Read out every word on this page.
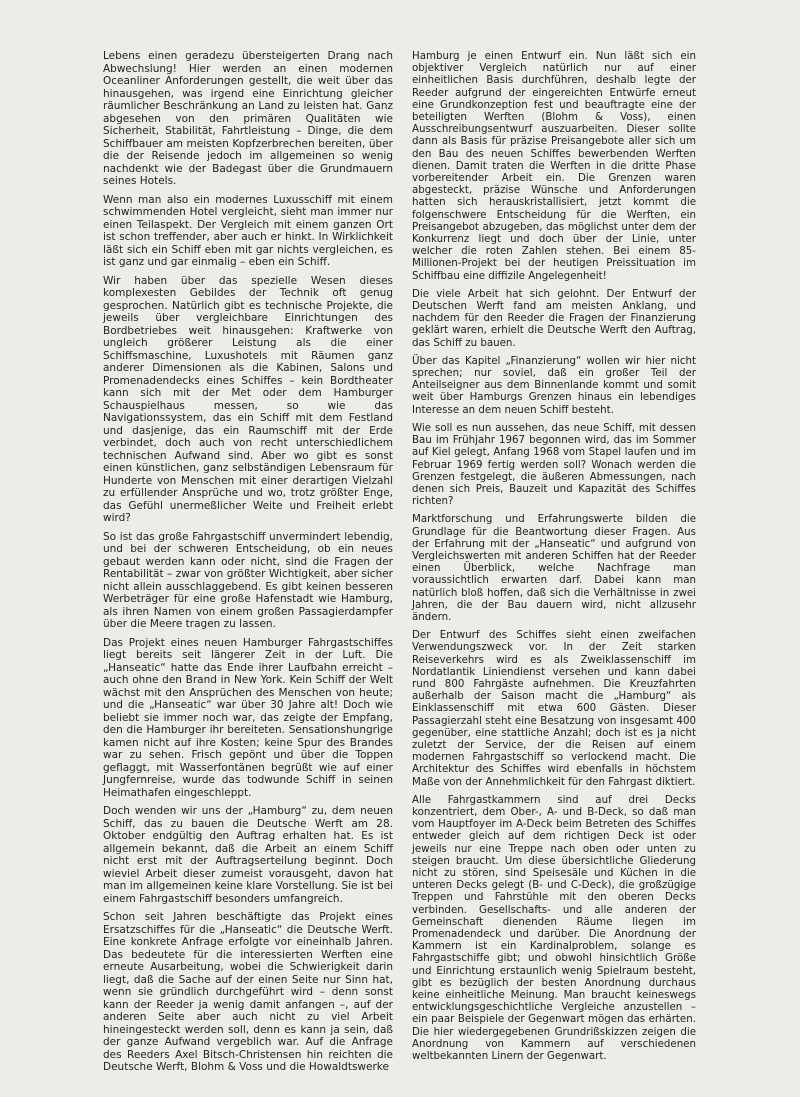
Lebens einen geradezu übersteigerten Drang nach Abwechslung! Hier werden an einen modernen Oceanliner Anforderungen gestellt, die weit über das hinausgehen, was irgend eine Einrichtung gleicher räumlicher Beschränkung an Land zu leisten hat. Ganz abgesehen von den primären Qualitäten wie Sicherheit, Stabilität, Fahrtleistung – Dinge, die dem Schiffbauer am meisten Kopfzerbrechen bereiten, über die der Reisende jedoch im allgemeinen so wenig nachdenkt wie der Badegast über die Grundmauern seines Hotels.

Wenn man also ein modernes Luxusschiff mit einem schwimmenden Hotel vergleicht, sieht man immer nur einen Teilaspekt. Der Vergleich mit einem ganzen Ort ist schon treffender, aber auch er hinkt. In Wirklichkeit läßt sich ein Schiff eben mit gar nichts vergleichen, es ist ganz und gar einmalig – eben ein Schiff.

Wir haben über das spezielle Wesen dieses komplexesten Gebildes der Technik oft genug gesprochen. Natürlich gibt es technische Projekte, die jeweils über vergleichbare Einrichtungen des Bordbetriebes weit hinausgehen: Kraftwerke von ungleich größerer Leistung als die einer Schiffsmaschine, Luxushotels mit Räumen ganz anderer Dimensionen als die Kabinen, Salons und Promenadendecks eines Schiffes – kein Bordtheater kann sich mit der Met oder dem Hamburger Schauspielhaus messen, so wie das Navigationssystem, das ein Schiff mit dem Festland und dasjenige, das ein Raumschiff mit der Erde verbindet, doch auch von recht unterschiedlichem technischen Aufwand sind. Aber wo gibt es sonst einen künstlichen, ganz selbständigen Lebensraum für Hunderte von Menschen mit einer derartigen Vielzahl zu erfüllender Ansprüche und wo, trotz größter Enge, das Gefühl unermeßlicher Weite und Freiheit erlebt wird?

So ist das große Fahrgastschiff unvermindert lebendig, und bei der schweren Entscheidung, ob ein neues gebaut werden kann oder nicht, sind die Fragen der Rentabilität – zwar von größter Wichtigkeit, aber sicher nicht allein ausschlaggebend. Es gibt keinen besseren Werbeträger für eine große Hafenstadt wie Hamburg, als ihren Namen von einem großen Passagierdampfer über die Meere tragen zu lassen.

Das Projekt eines neuen Hamburger Fahrgastschiffes liegt bereits seit längerer Zeit in der Luft. Die „Hanseatic“ hatte das Ende ihrer Laufbahn erreicht – auch ohne den Brand in New York. Kein Schiff der Welt wächst mit den Ansprüchen des Menschen von heute; und die „Hanseatic“ war über 30 Jahre alt! Doch wie beliebt sie immer noch war, das zeigte der Empfang, den die Hamburger ihr bereiteten. Sensationshungrige kamen nicht auf ihre Kosten; keine Spur des Brandes war zu sehen. Frisch gepönt und über die Toppen geflaggt, mit Wasserfontänen begrüßt wie auf einer Jungfernreise, wurde das todwunde Schiff in seinen Heimathafen eingeschleppt.

Doch wenden wir uns der „Hamburg“ zu, dem neuen Schiff, das zu bauen die Deutsche Werft am 28. Oktober endgültig den Auftrag erhalten hat. Es ist allgemein bekannt, daß die Arbeit an einem Schiff nicht erst mit der Auftragserteilung beginnt. Doch wieviel Arbeit dieser zumeist vorausgeht, davon hat man im allgemeinen keine klare Vorstellung. Sie ist bei einem Fahrgastschiff besonders umfangreich.

Schon seit Jahren beschäftigte das Projekt eines Ersatzschiffes für die „Hanseatic“ die Deutsche Werft. Eine konkrete Anfrage erfolgte vor eineinhalb Jahren. Das bedeutete für die interessierten Werften eine erneute Ausarbeitung, wobei die Schwierigkeit darin liegt, daß die Sache auf der einen Seite nur Sinn hat, wenn sie gründlich durchgeführt wird – denn sonst kann der Reeder ja wenig damit anfangen –, auf der anderen Seite aber auch nicht zu viel Arbeit hineingesteckt werden soll, denn es kann ja sein, daß der ganze Aufwand vergeblich war. Auf die Anfrage des Reeders Axel Bitsch-Christensen hin reichten die Deutsche Werft, Blohm & Voss und die Howaldtswerke

Hamburg je einen Entwurf ein. Nun läßt sich ein objektiver Vergleich natürlich nur auf einer einheitlichen Basis durchführen, deshalb legte der Reeder aufgrund der eingereichten Entwürfe erneut eine Grundkonzeption fest und beauftragte eine der beteiligten Werften (Blohm & Voss), einen Ausschreibungsentwurf auszuarbeiten. Dieser sollte dann als Basis für präzise Preisangebote aller sich um den Bau des neuen Schiffes bewerbenden Werften dienen. Damit traten die Werften in die dritte Phase vorbereitender Arbeit ein. Die Grenzen waren abgesteckt, präzise Wünsche und Anforderungen hatten sich herauskristallisiert, jetzt kommt die folgenschwere Entscheidung für die Werften, ein Preisangebot abzugeben, das möglichst unter dem der Konkurrenz liegt und doch über der Linie, unter welcher die roten Zahlen stehen. Bei einem 85-Millionen-Projekt bei der heutigen Preissituation im Schiffbau eine diffizile Angelegenheit!

Die viele Arbeit hat sich gelohnt. Der Entwurf der Deutschen Werft fand am meisten Anklang, und nachdem für den Reeder die Fragen der Finanzierung geklärt waren, erhielt die Deutsche Werft den Auftrag, das Schiff zu bauen.

Über das Kapitel „Finanzierung“ wollen wir hier nicht sprechen; nur soviel, daß ein großer Teil der Anteilseigner aus dem Binnenlande kommt und somit weit über Hamburgs Grenzen hinaus ein lebendiges Interesse an dem neuen Schiff besteht.

Wie soll es nun aussehen, das neue Schiff, mit dessen Bau im Frühjahr 1967 begonnen wird, das im Sommer auf Kiel gelegt, Anfang 1968 vom Stapel laufen und im Februar 1969 fertig werden soll? Wonach werden die Grenzen festgelegt, die äußeren Abmessungen, nach denen sich Preis, Bauzeit und Kapazität des Schiffes richten?

Marktforschung und Erfahrungswerte bilden die Grundlage für die Beantwortung dieser Fragen. Aus der Erfahrung mit der „Hanseatic“ und aufgrund von Vergleichswerten mit anderen Schiffen hat der Reeder einen Überblick, welche Nachfrage man voraussichtlich erwarten darf. Dabei kann man natürlich bloß hoffen, daß sich die Verhältnisse in zwei Jahren, die der Bau dauern wird, nicht allzusehr ändern.

Der Entwurf des Schiffes sieht einen zweifachen Verwendungszweck vor. In der Zeit starken Reiseverkehrs wird es als Zweiklassenschiff im Nordatlantik Liniendienst versehen und kann dabei rund 800 Fahrgäste aufnehmen. Die Kreuzfahrten außerhalb der Saison macht die „Hamburg“ als Einklassenschiff mit etwa 600 Gästen. Dieser Passagierzahl steht eine Besatzung von insgesamt 400 gegenüber, eine stattliche Anzahl; doch ist es ja nicht zuletzt der Service, der die Reisen auf einem modernen Fahrgastschiff so verlockend macht. Die Architektur des Schiffes wird ebenfalls in höchstem Maße von der Annehmlichkeit für den Fahrgast diktiert.

Alle Fahrgastkammern sind auf drei Decks konzentriert, dem Ober-, A- und B-Deck, so daß man vom Hauptfoyer im A-Deck beim Betreten des Schiffes entweder gleich auf dem richtigen Deck ist oder jeweils nur eine Treppe nach oben oder unten zu steigen braucht. Um diese übersichtliche Gliederung nicht zu stören, sind Speisesäle und Küchen in die unteren Decks gelegt (B- und C-Deck), die großzügige Treppen und Fahrstühle mit den oberen Decks verbinden. Gesellschafts- und alle anderen der Gemeinschaft dienenden Räume liegen im Promenadendeck und darüber. Die Anordnung der Kammern ist ein Kardinalproblem, solange es Fahrgastschiffe gibt; und obwohl hinsichtlich Größe und Einrichtung erstaunlich wenig Spielraum besteht, gibt es bezüglich der besten Anordnung durchaus keine einheitliche Meinung. Man braucht keineswegs entwicklungsgeschichtliche Vergleiche anzustellen – ein paar Beispiele der Gegenwart mögen das erhärten. Die hier wiedergegebenen Grundrißskizzen zeigen die Anordnung von Kammern auf verschiedenen weltbekannten Linern der Gegenwart.
